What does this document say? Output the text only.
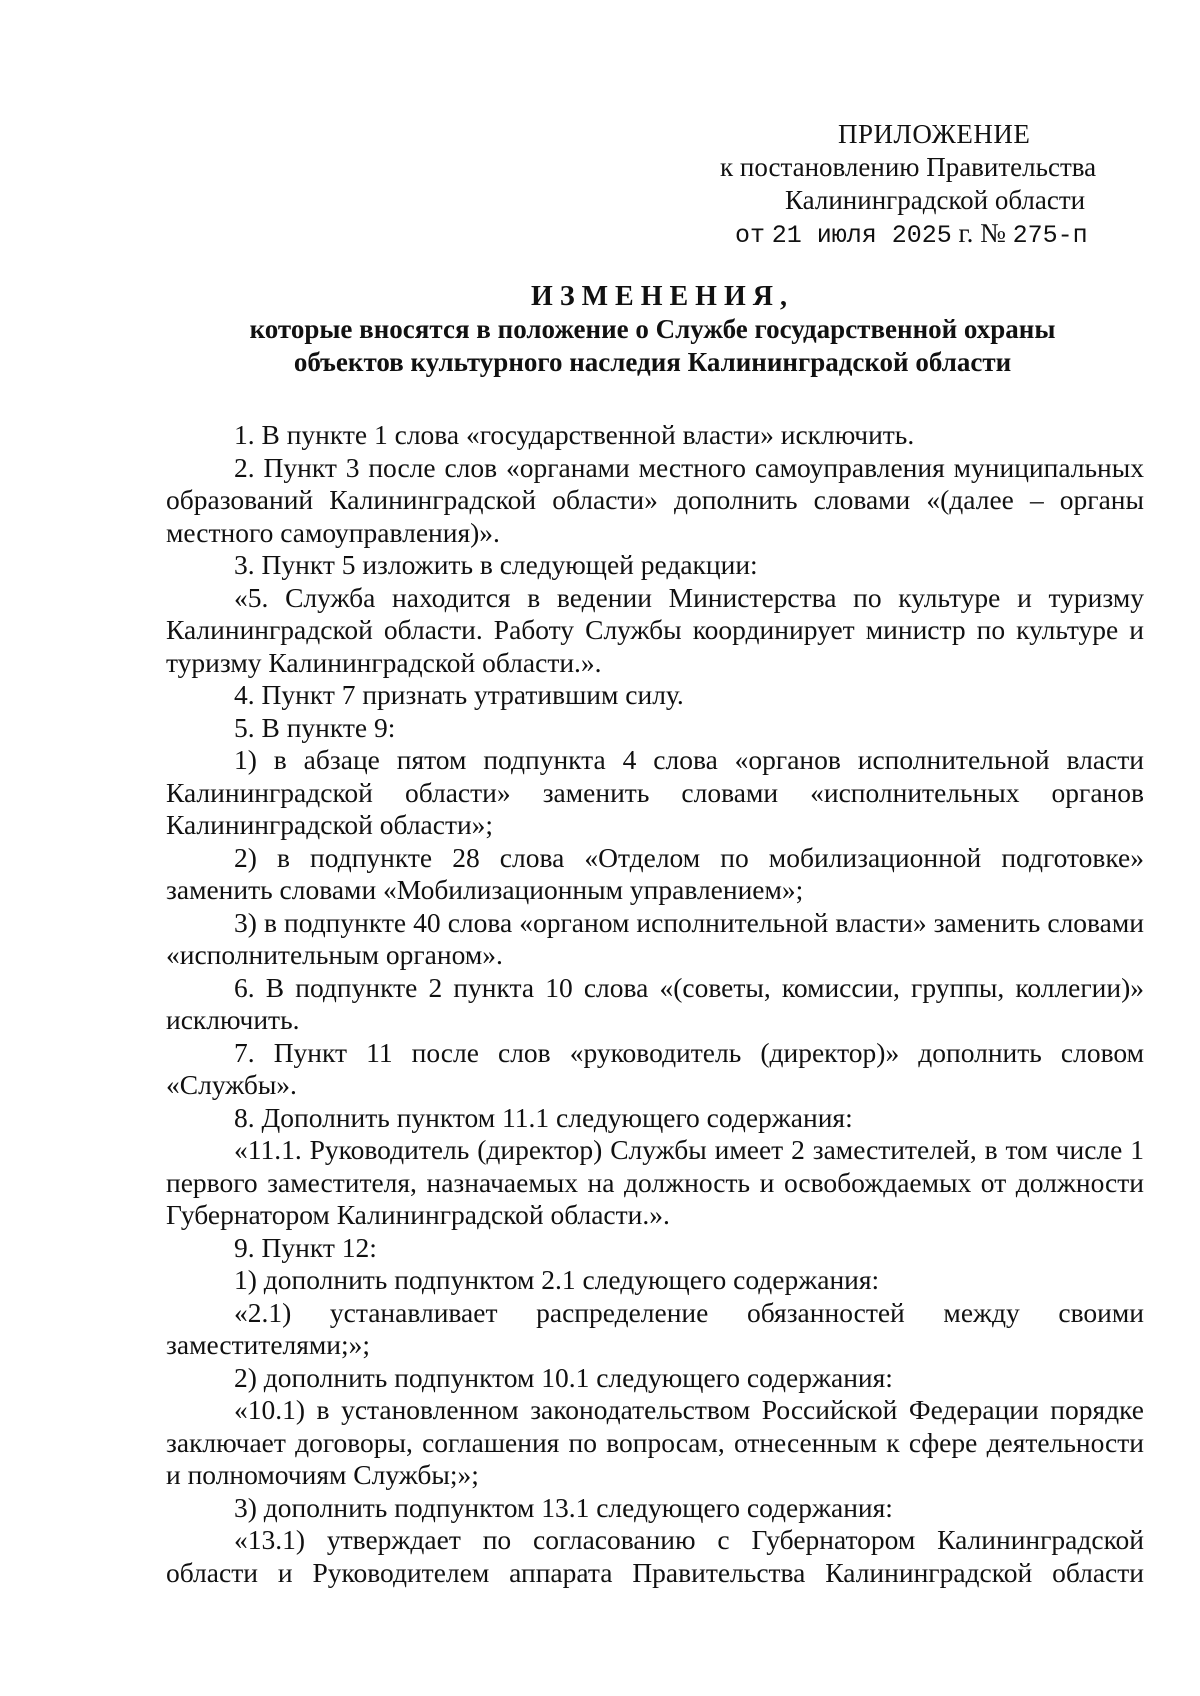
ПРИЛОЖЕНИЕ
к постановлению Правительства
Калининградской области
от 21 июля 2025 г. № 275-п
ИЗМЕНЕНИЯ,
которые вносятся в положение о Службе государственной охраны
объектов культурного наследия Калининградской области

1. В пункте 1 слова «государственной власти» исключить.

2. Пункт 3 после слов «органами местного самоуправления муниципальных образований Калининградской области» дополнить словами «(далее – органы местного самоуправления)».

3. Пункт 5 изложить в следующей редакции:

«5. Служба находится в ведении Министерства по культуре и туризму Калининградской области. Работу Службы координирует министр по культуре и туризму Калининградской области.».

4. Пункт 7 признать утратившим силу.

5. В пункте 9:

1) в абзаце пятом подпункта 4 слова «органов исполнительной власти Калининградской области» заменить словами «исполнительных органов Калининградской области»;

2) в подпункте 28 слова «Отделом по мобилизационной подготовке» заменить словами «Мобилизационным управлением»;

3) в подпункте 40 слова «органом исполнительной власти» заменить словами «исполнительным органом».

6. В подпункте 2 пункта 10 слова «(советы, комиссии, группы, коллегии)» исключить.

7. Пункт 11 после слов «руководитель (директор)» дополнить словом «Службы».

8. Дополнить пунктом 11.1 следующего содержания:

«11.1. Руководитель (директор) Службы имеет 2 заместителей, в том числе 1 первого заместителя, назначаемых на должность и освобождаемых от должности Губернатором Калининградской области.».

9. Пункт 12:

1) дополнить подпунктом 2.1 следующего содержания:

«2.1) устанавливает распределение обязанностей между своими заместителями;»;

2) дополнить подпунктом 10.1 следующего содержания:

«10.1) в установленном законодательством Российской Федерации порядке заключает договоры, соглашения по вопросам, отнесенным к сфере деятельности и полномочиям Службы;»;

3) дополнить подпунктом 13.1 следующего содержания:

«13.1) утверждает по согласованию с Губернатором Калининградской области и Руководителем аппарата Правительства Калининградской области
